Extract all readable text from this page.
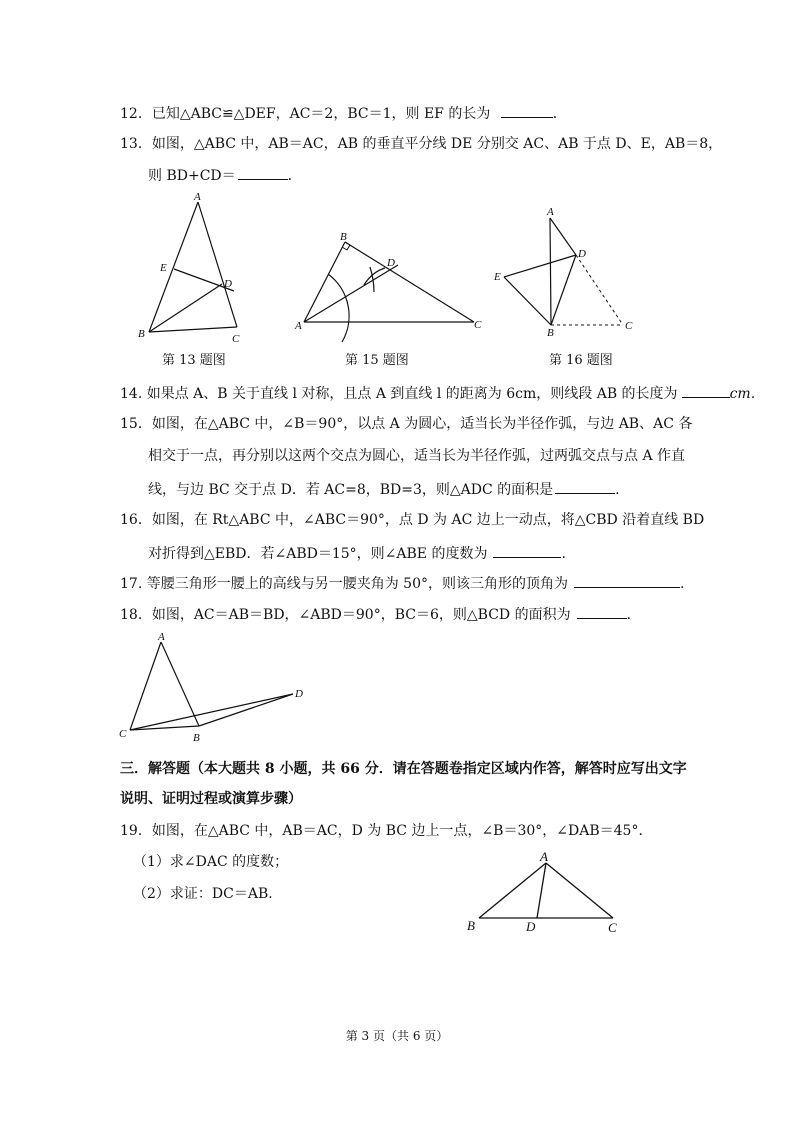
12．已知△ABC≌△DEF，AC＝2，BC＝1，则 EF 的长为	．
13．如图，△ABC 中，AB＝AC，AB 的垂直平分线 DE 分别交 AC、AB 于点 D、E，AB＝8，
则 BD+CD＝	．
A
E
D
B	C
B
D
A	C
A
D
E
B
C
第 13 题图	第 15 题图	第 16 题图
14. 如果点 A、B 关于直线 l 对称，且点 A 到直线 l 的距离为 6cm，则线段 AB 的长度为	cm．
15．如图，在△ABC 中，∠B＝90°，以点 A 为圆心，适当长为半径作弧，与边 AB、AC 各
相交于一点，再分别以这两个交点为圆心，适当长为半径作弧，过两弧交点与点 A 作直
线，与边 BC 交于点 D．若 AC=8，BD=3，则△ADC 的面积是	.
16．如图，在 Rt△ABC 中，∠ABC＝90°，点 D 为 AC 边上一动点，将△CBD 沿着直线 BD
对折得到△EBD．若∠ABD＝15°，则∠ABE 的度数为	.
17. 等腰三角形一腰上的高线与另一腰夹角为 50°，则该三角形的顶角为	.
18．如图，AC＝AB＝BD，∠ABD＝90°，BC＝6，则△BCD 的面积为	.
A
D
C	B
三．解答题（本大题共 8 小题，共 66 分．请在答题卷指定区域内作答，解答时应写出文字
说明、证明过程或演算步骤）
19．如图，在△ABC 中，AB＝AC，D 为 BC 边上一点，∠B＝30°，∠DAB＝45°．
（1）求∠DAC 的度数；
（2）求证：DC＝AB．
A
B	D	C
第 3 页（共 6 页）
